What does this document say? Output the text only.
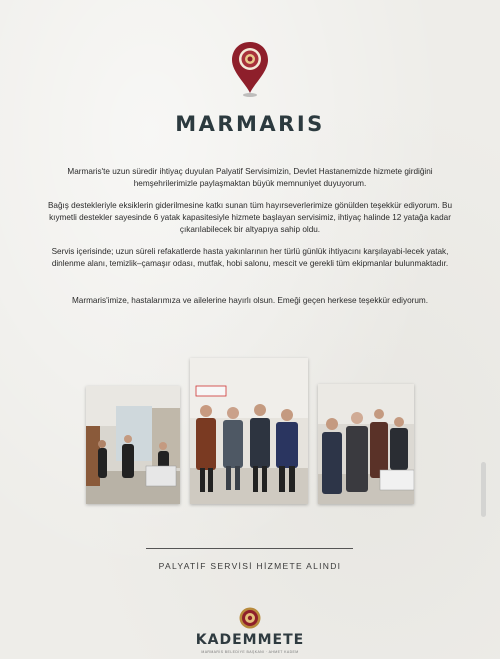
MARMARIS
Marmaris'te uzun süredir ihtiyaç duyulan Palyatif Servisimizin, Devlet Hastanemizde hizmete girdiğini hemşehrilerimizle paylaşmaktan büyük memnuniyet duyuyorum.
Bağış destekleriyle eksiklerin giderilmesine katkı sunan tüm hayırseverlerimize gönülden teşekkür ediyorum. Bu kıymetli destekler sayesinde 6 yatak kapasitesiyle hizmete başlayan servisimiz, ihtiyaç halinde 12 yatağa kadar çıkarılabilecek bir altyapıya sahip oldu.
Servis içerisinde; uzun süreli refakatlerde hasta yakınlarının her türlü günlük ihtiyacını karşılayabi-lecek yatak, dinlenme alanı, temizlik–çamaşır odası, mutfak, hobi salonu, mescit ve gerekli tüm ekipmanlar bulunmaktadır.
Marmaris'imize, hastalarımıza ve ailelerine hayırlı olsun. Emeği geçen herkese teşekkür ediyorum.
PALYATİF SERVİSİ HİZMETE ALINDI
KADEMMETE
MARMARİS BELEDİYE BAŞKANI · AHMET KADEM
